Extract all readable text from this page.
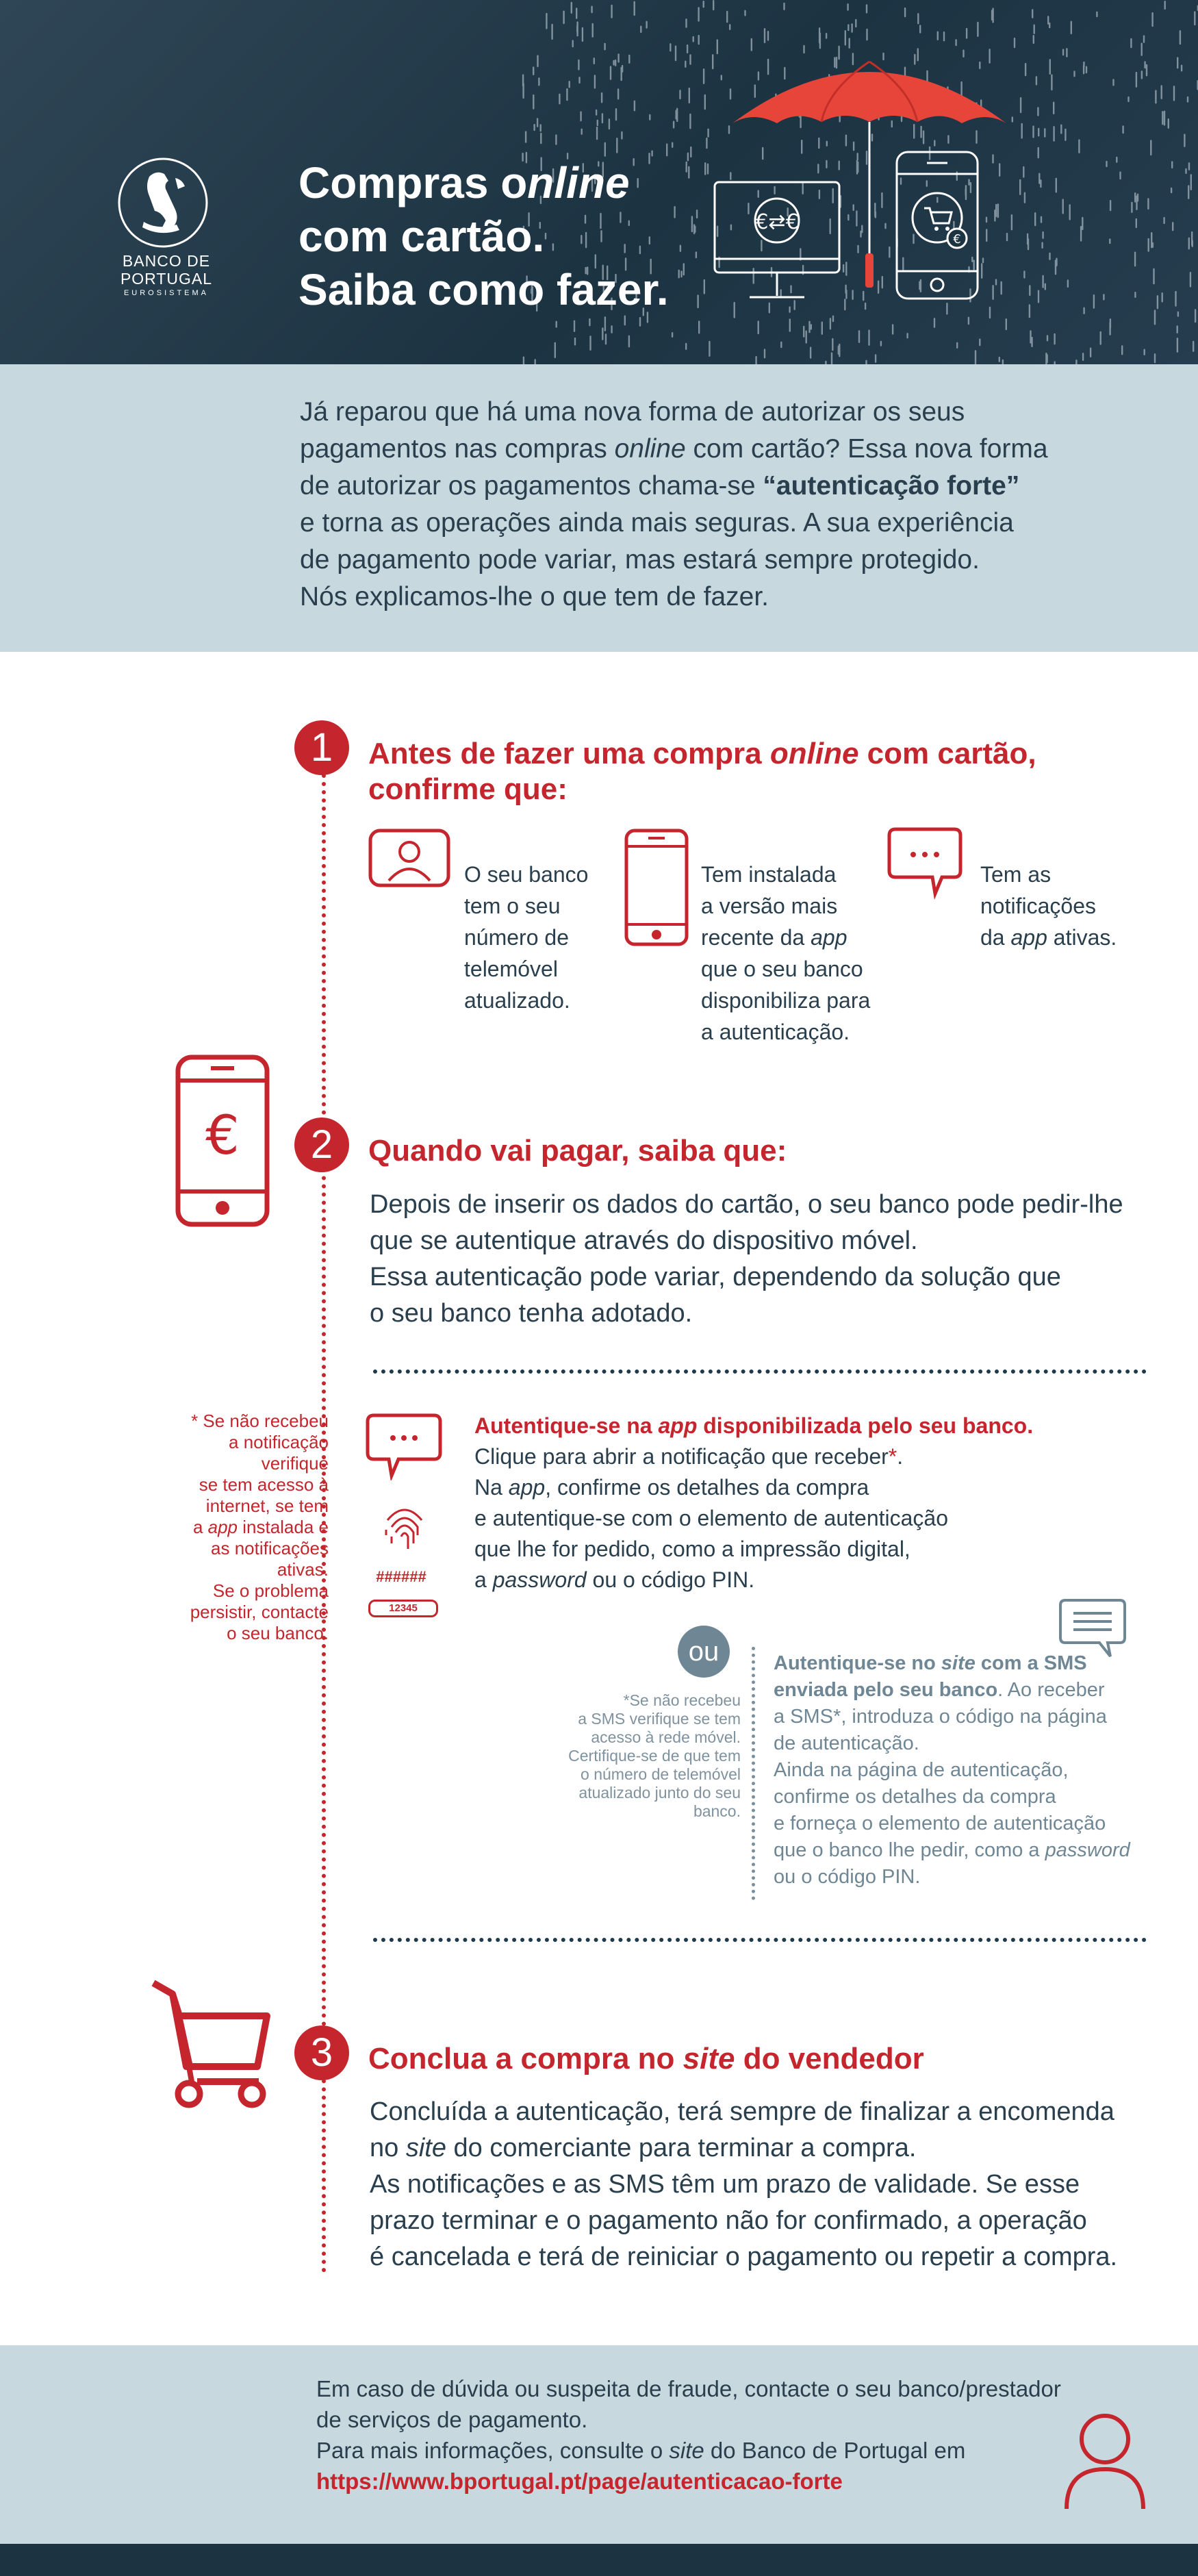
BANCO DE
PORTUGAL
EUROSISTEMA
Compras online
com cartão.
Saiba como fazer.
€⇄€
€
Já reparou que há uma nova forma de autorizar os seus
pagamentos nas compras online com cartão? Essa nova forma
de autorizar os pagamentos chama-se “autenticação forte”
e torna as operações ainda mais seguras. A sua experiência
de pagamento pode variar, mas estará sempre protegido.
Nós explicamos-lhe o que tem de fazer.
1	Antes de fazer uma compra online com cartão,
confirme que:
O seu banco
tem o seu
número de
telemóvel
atualizado.
Tem instalada
a versão mais
recente da app
que o seu banco
disponibiliza para
a autenticação.
Tem as
notificações
da app ativas.
€	2	Quando vai pagar, saiba que:
Depois de inserir os dados do cartão, o seu banco pode pedir-lhe
que se autentique através do dispositivo móvel.
Essa autenticação pode variar, dependendo da solução que
o seu banco tenha adotado.
* Se não recebeu
a notificação
verifique
se tem acesso à
internet, se tem
a app instalada e
as notificações
ativas.
Se o problema
persistir, contacte
o seu banco.
######
12345
Autentique-se na app disponibilizada pelo seu banco.
Clique para abrir a notificação que receber*.
Na app, confirme os detalhes da compra
e autentique-se com o elemento de autenticação
que lhe for pedido, como a impressão digital,
a password ou o código PIN.
ou
*Se não recebeu
a SMS verifique se tem
acesso à rede móvel.
Certifique-se de que tem
o número de telemóvel
atualizado junto do seu
banco.
Autentique-se no site com a SMS
enviada pelo seu banco. Ao receber
a SMS*, introduza o código na página
de autenticação.
Ainda na página de autenticação,
confirme os detalhes da compra
e forneça o elemento de autenticação
que o banco lhe pedir, como a password
ou o código PIN.
3	Conclua a compra no site do vendedor
Concluída a autenticação, terá sempre de finalizar a encomenda
no site do comerciante para terminar a compra.
As notificações e as SMS têm um prazo de validade. Se esse
prazo terminar e o pagamento não for confirmado, a operação
é cancelada e terá de reiniciar o pagamento ou repetir a compra.
Em caso de dúvida ou suspeita de fraude, contacte o seu banco/prestador
de serviços de pagamento.
Para mais informações, consulte o site do Banco de Portugal em
https://www.bportugal.pt/page/autenticacao-forte
